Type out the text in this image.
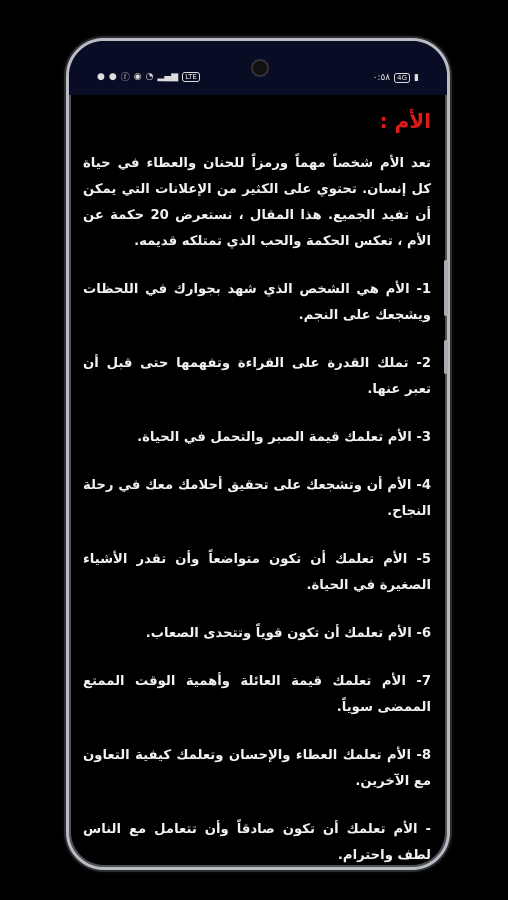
● ● ⓕ ◉ ◔ ▂▄▆	LTE	٠:٥٨	4G ▮
الأم :

تعد الأم شخصاً مهماً ورمزاً للحنان والعطاء في حياة كل إنسان. تحتوي على الكثير من الإعلانات التي يمكن أن تفيد الجميع. هذا المقال ، نستعرض 20 حكمة عن الأم ، تعكس الحكمة والحب الذي تمتلكه قديمه.

1- الأم هي الشخص الذي شهد بجوارك في اللحظات ويشجعك على النجم.

2- تملك القدرة على القراءة وتفهمها حتى قبل أن تعبر عنها.

3- الأم تعلمك قيمة الصبر والتحمل في الحياة.

4- الأم أن وتشجعك على تحقيق أحلامك معك في رحلة النجاح.

5- الأم تعلمك أن تكون متواضعاً وأن تقدر الأشياء الصغيرة في الحياة.

6- الأم تعلمك أن تكون قوياً وتتحدى الصعاب.

7- الأم تعلمك قيمة العائلة وأهمية الوقت الممتع الممضى سوياً.

8- الأم تعلمك العطاء والإحسان وتعلمك كيفية التعاون مع الآخرين.

- الأم تعلمك أن تكون صادقاً وأن تتعامل مع الناس لطف واحترام.
